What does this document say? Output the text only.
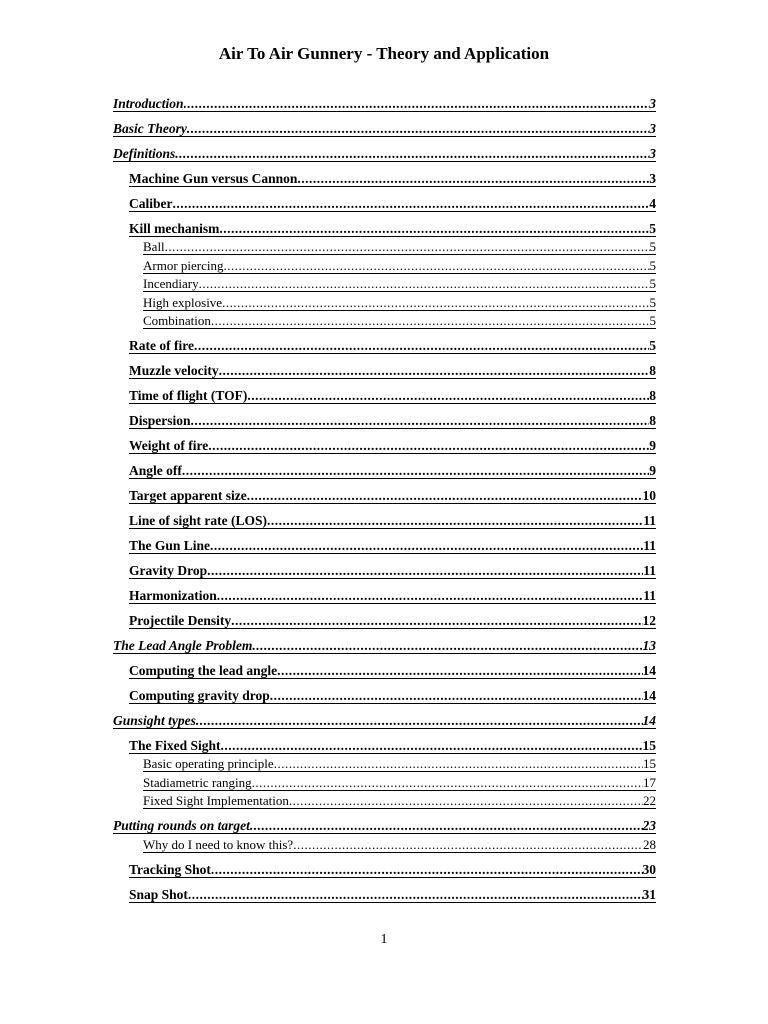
Air To Air Gunnery - Theory and Application
Introduction .....	3
Basic Theory .....	3
Definitions .....	3
Machine Gun versus Cannon .....	3
Caliber .....	4
Kill mechanism .....	5
Ball .....	5
Armor piercing .....	5
Incendiary .....	5
High explosive .....	5
Combination .....	5
Rate of fire .....	5
Muzzle velocity .....	8
Time of flight (TOF) .....	8
Dispersion .....	8
Weight of fire .....	9
Angle off .....	9
Target apparent size .....	10
Line of sight rate (LOS) .....	11
The Gun Line .....	11
Gravity Drop .....	11
Harmonization .....	11
Projectile Density .....	12
The Lead Angle Problem .....	13
Computing the lead angle .....	14
Computing gravity drop .....	14
Gunsight types .....	14
The Fixed Sight .....	15
Basic operating principle .....	15
Stadiametric ranging .....	17
Fixed Sight Implementation .....	22
Putting rounds on target .....	23
Why do I need to know this? .....	28
Tracking Shot .....	30
Snap Shot .....	31
1
